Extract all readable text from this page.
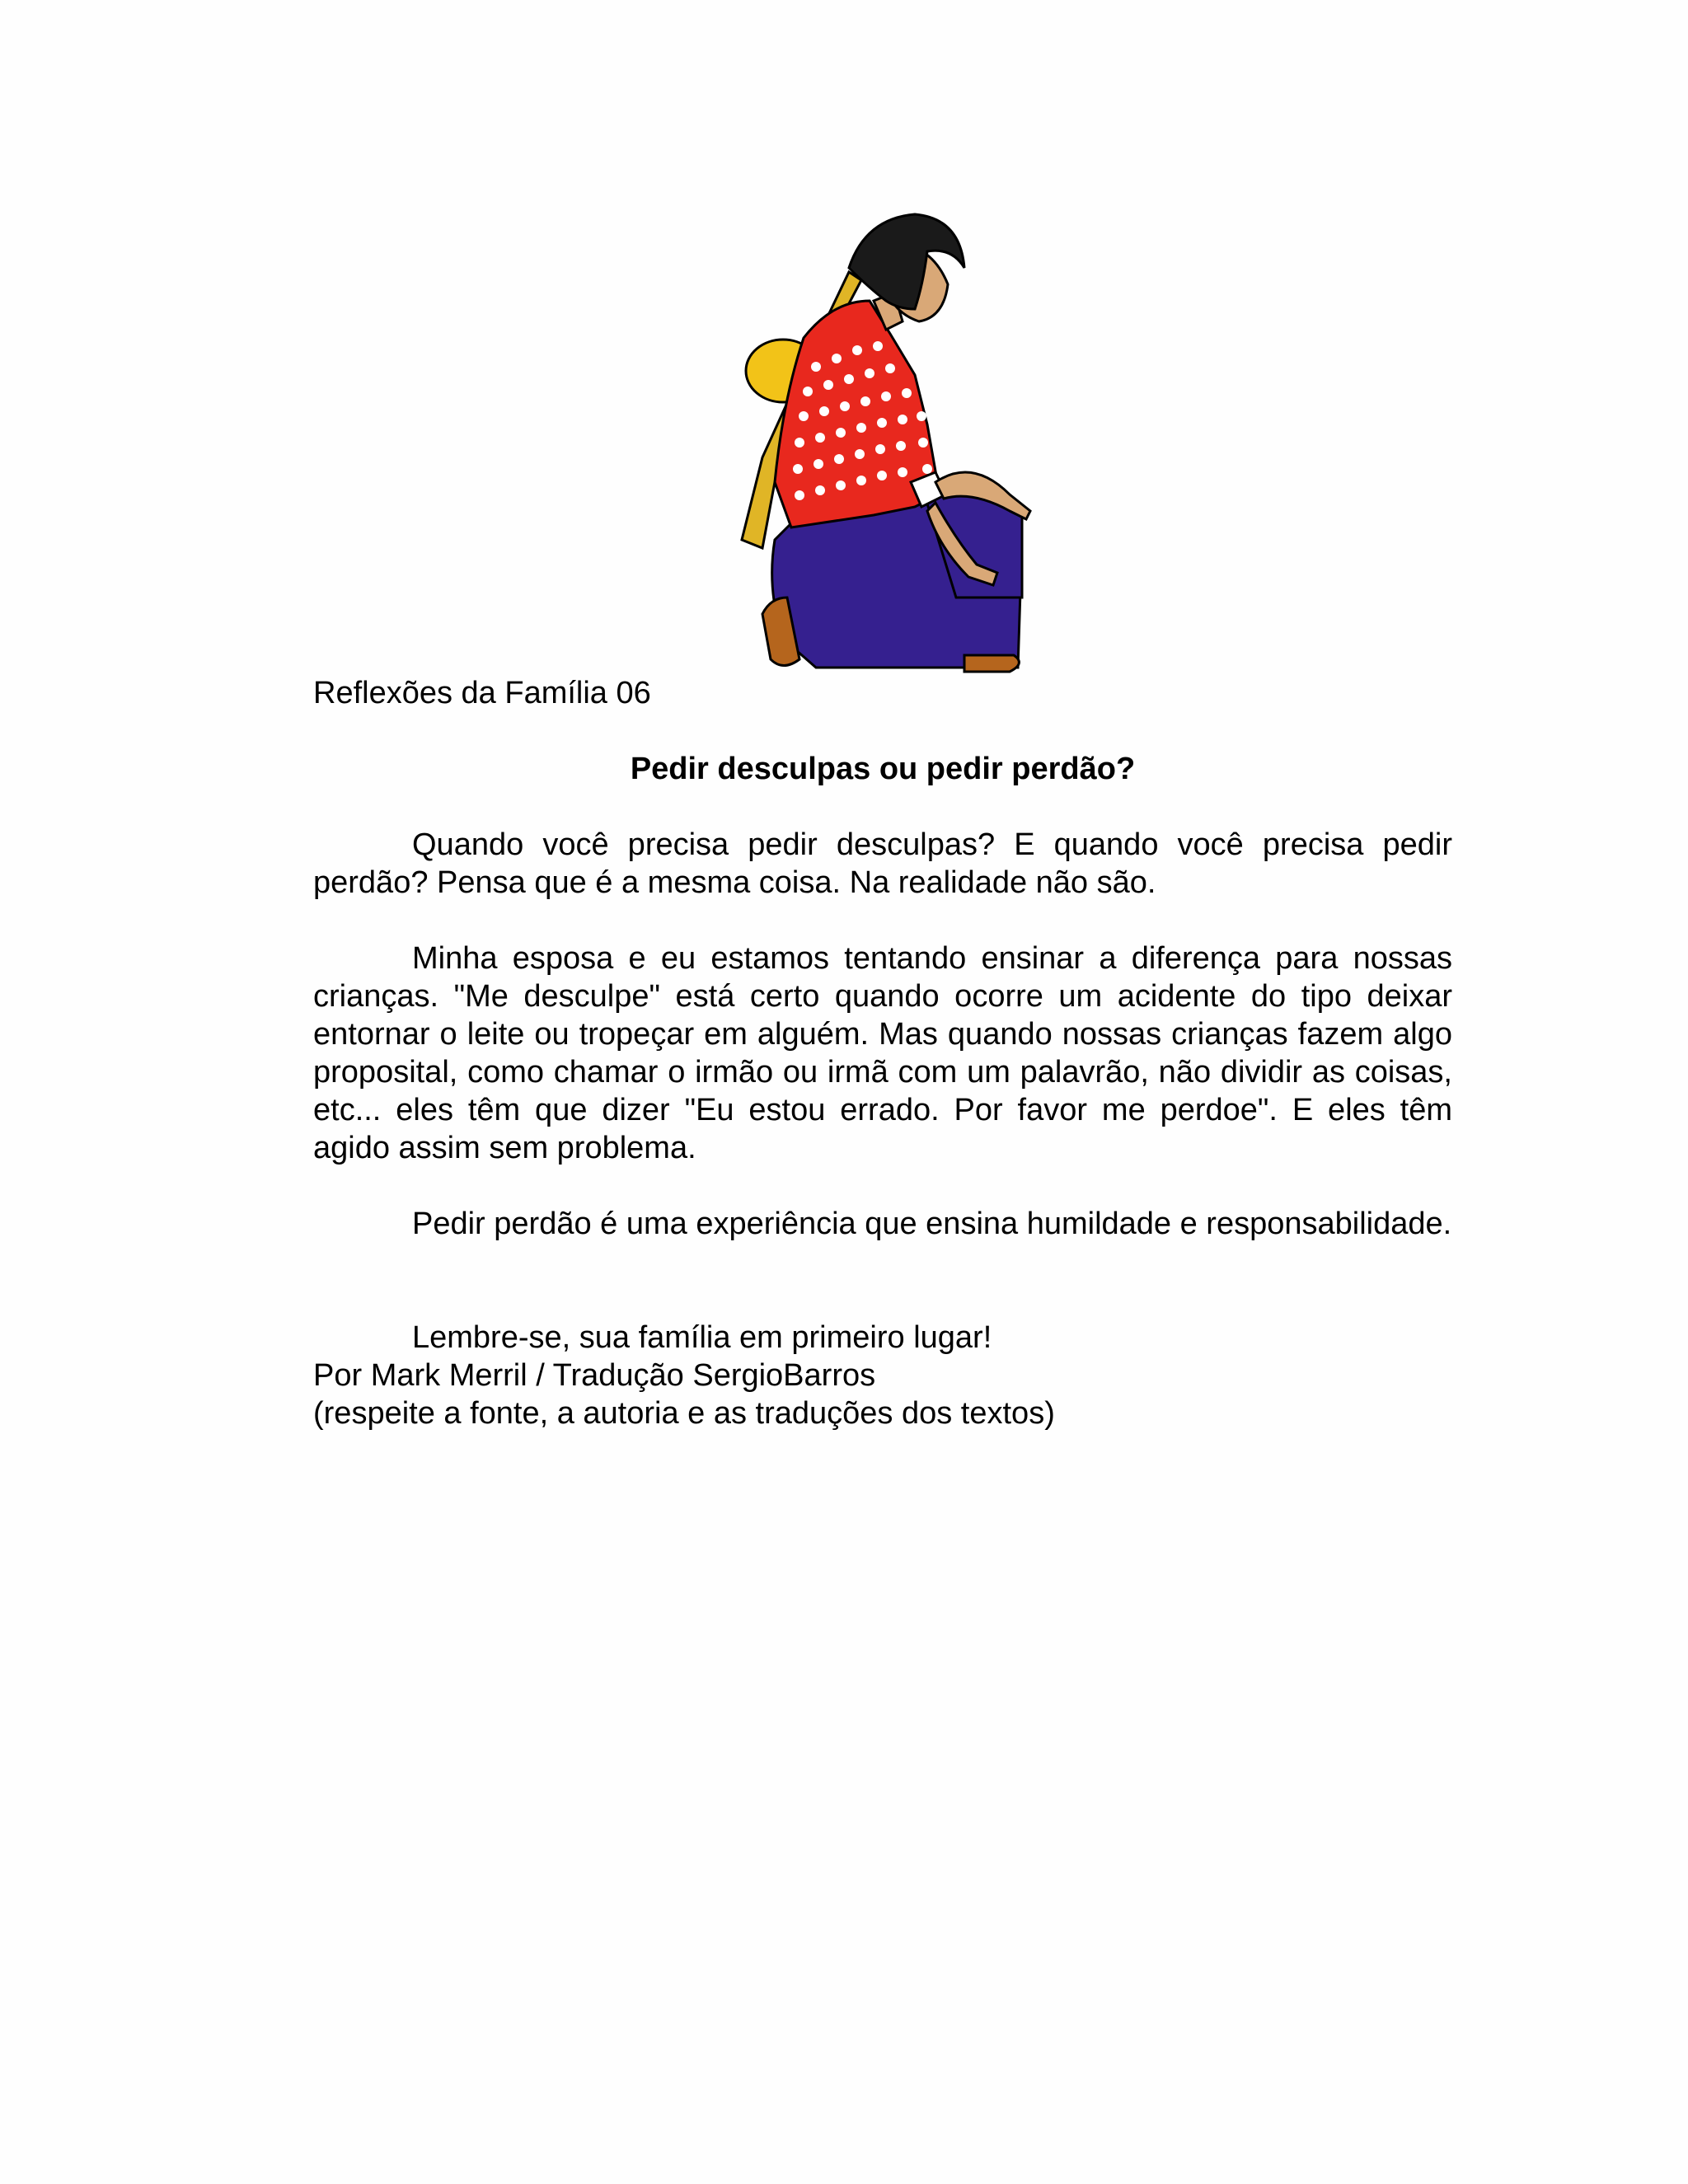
Reflexões da Família 06
Pedir desculpas ou pedir perdão?

Quando você precisa pedir desculpas? E quando você precisa pedir perdão? Pensa que é a mesma coisa. Na realidade não são.

Minha esposa e eu estamos tentando ensinar a diferença para nossas crianças. "Me desculpe" está certo quando ocorre um acidente do tipo deixar entornar o leite ou tropeçar em alguém. Mas quando nossas crianças fazem algo proposital, como chamar o irmão ou irmã com um palavrão, não dividir as coisas, etc... eles têm que dizer "Eu estou errado. Por favor me perdoe". E eles têm agido assim sem problema.

Pedir perdão é uma experiência que ensina humildade e responsabilidade.

Lembre-se, sua família em primeiro lugar!

Por Mark Merril / Tradução SergioBarros
(respeite a fonte, a autoria e as traduções dos textos)
